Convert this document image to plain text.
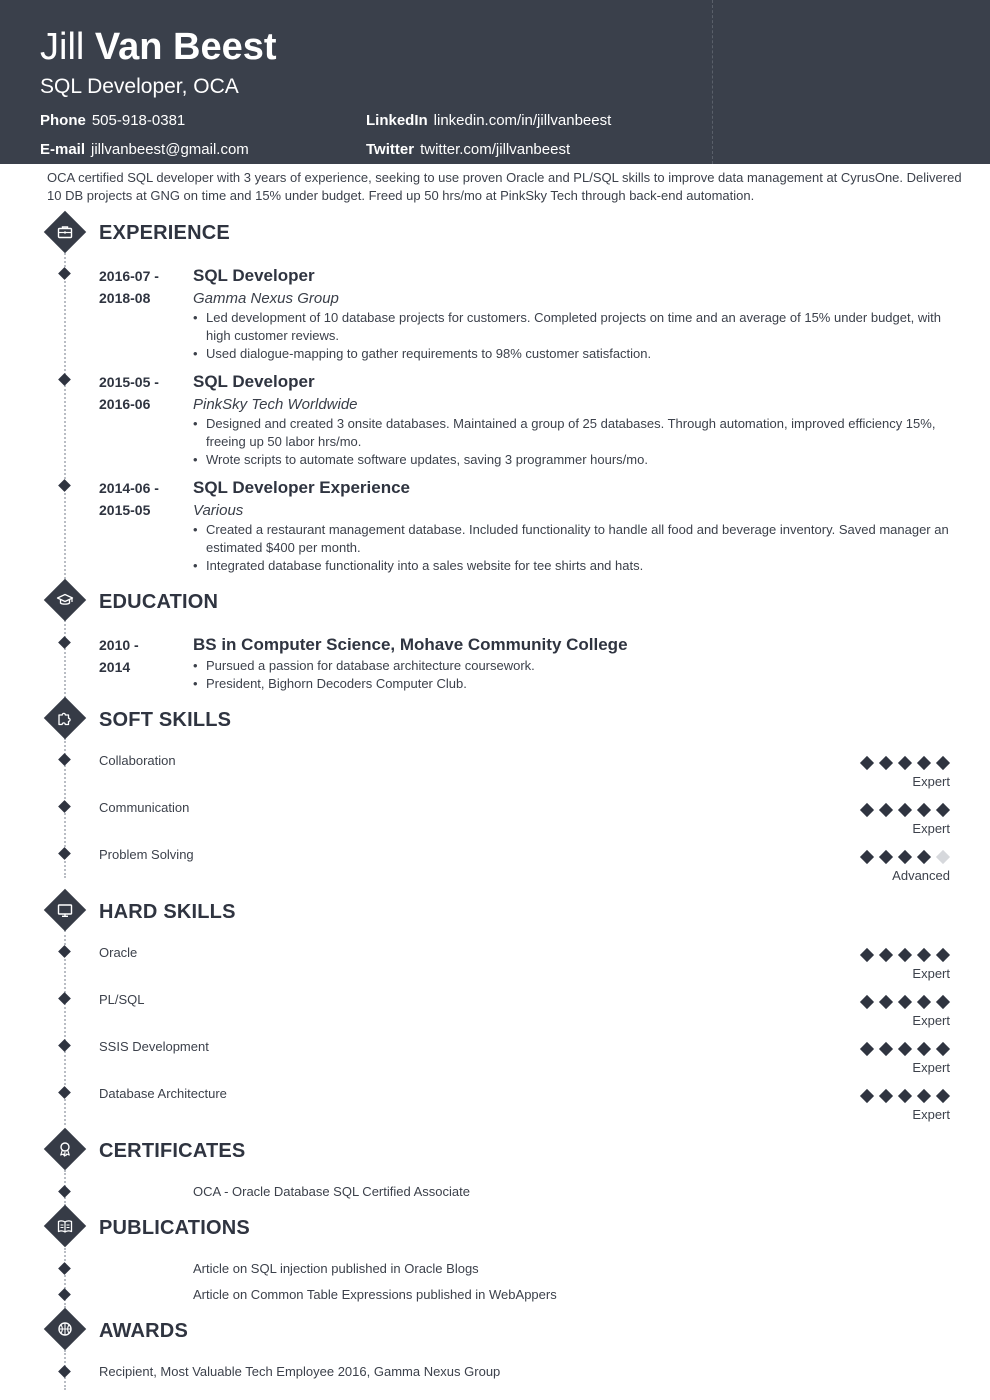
Jill Van Beest
SQL Developer, OCA
Phone 505-918-0381
E-mail jillvanbeest@gmail.com
LinkedIn linkedin.com/in/jillvanbeest
Twitter twitter.com/jillvanbeest
OCA certified SQL developer with 3 years of experience, seeking to use proven Oracle and PL/SQL skills to improve data management at CyrusOne. Delivered 10 DB projects at GNG on time and 15% under budget. Freed up 50 hrs/mo at PinkSky Tech through back-end automation.
EXPERIENCE
2016-07 -
2018-08
SQL Developer
Gamma Nexus Group
• Led development of 10 database projects for customers. Completed projects on time and an average of 15% under budget, with high customer reviews.
• Used dialogue-mapping to gather requirements to 98% customer satisfaction.
2015-05 -
2016-06
SQL Developer
PinkSky Tech Worldwide
• Designed and created 3 onsite databases. Maintained a group of 25 databases. Through automation, improved efficiency 15%, freeing up 50 labor hrs/mo.
• Wrote scripts to automate software updates, saving 3 programmer hours/mo.
2014-06 -
2015-05
SQL Developer Experience
Various
• Created a restaurant management database. Included functionality to handle all food and beverage inventory. Saved manager an estimated $400 per month.
• Integrated database functionality into a sales website for tee shirts and hats.
EDUCATION
2010 -
2014
BS in Computer Science, Mohave Community College
• Pursued a passion for database architecture coursework.
• President, Bighorn Decoders Computer Club.
SOFT SKILLS
Collaboration
Expert
Communication
Expert
Problem Solving
Advanced
HARD SKILLS
Oracle
Expert
PL/SQL
Expert
SSIS Development
Expert
Database Architecture
Expert
CERTIFICATES
OCA - Oracle Database SQL Certified Associate
PUBLICATIONS
Article on SQL injection published in Oracle Blogs
Article on Common Table Expressions published in WebAppers
AWARDS
Recipient, Most Valuable Tech Employee 2016, Gamma Nexus Group
